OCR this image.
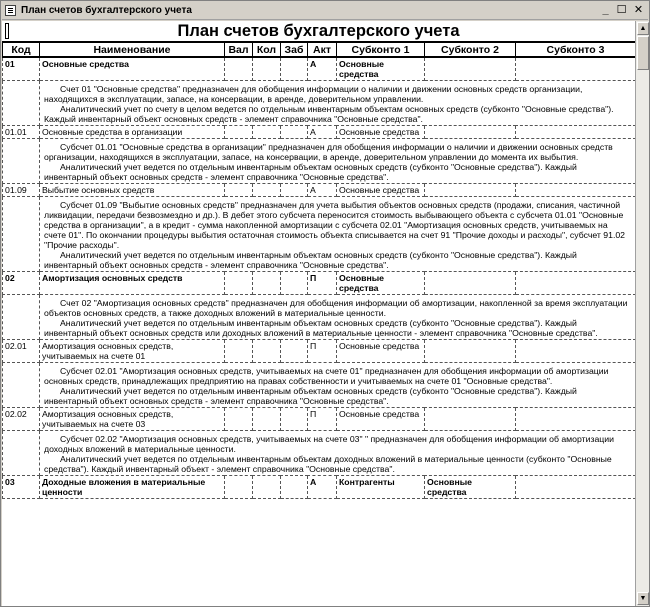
План счетов бухгалтерского учета	_ ☐ ✕
План счетов бухгалтерского учета
Код	Наименование	Вал	Кол	Заб	Акт	Субконто 1	Субконто 2	Субконто 3
01	Основные средства				А	Основные средства		

	Счет 01 "Основные средства" предназначен для обобщения информации о наличии и движении основных средств организации, находящихся в эксплуатации, запасе, на консервации, в аренде, доверительном управлении.

Аналитический учет по счету в целом ведется по отдельным инвентарным объектам основных средств (субконто "Основные средства"). Каждый инвентарный объект основных средств - элемент справочника "Основные средства".							

01.01	Основные средства в организации				А	Основные средства		

	Субсчет 01.01 "Основные средства в организации" предназначен для обобщения информации о наличии и движении основных средств организации, находящихся в эксплуатации, запасе, на консервации, в аренде, доверительном управлении до момента их выбытия.

Аналитический учет ведется по отдельным инвентарным объектам основных средств (субконто "Основные средства"). Каждый инвентарный объект основных средств - элемент справочника "Основные средства".							

01.09	Выбытие основных средств				А	Основные средства		

	Субсчет 01.09 "Выбытие основных средств" предназначен для учета выбытия объектов основных средств (продажи, списания, частичной ликвидации, передачи безвозмездно и др.). В дебет этого субсчета переносится стоимость выбывающего объекта с субсчета 01.01 "Основные средства в организации", а в кредит - сумма накопленной амортизации с субсчета 02.01 "Амортизация основных средств, учитываемых на счете 01". По окончании процедуры выбытия остаточная стоимость объекта списывается на счет 91 "Прочие доходы и расходы", субсчет 91.02 "Прочие расходы".

Аналитический учет ведется по отдельным инвентарным объектам основных средств (субконто "Основные средства"). Каждый инвентарный объект основных средств - элемент справочника "Основные средства".							

02	Амортизация основных средств				П	Основные средства		

	Счет 02 "Амортизация основных средств" предназначен для обобщения информации об амортизации, накопленной за время эксплуатации объектов основных средств, а также доходных вложений в материальные ценности.

Аналитический учет ведется по отдельным инвентарным объектам основных средств (субконто "Основные средства"). Каждый инвентарный объект основных средств или доходных вложений в материальные ценности - элемент справочника "Основные средства".							

02.01	Амортизация основных средств, учитываемых на счете 01				П	Основные средства		

	Субсчет 02.01 "Амортизация основных средств, учитываемых на счете 01" предназначен для обобщения информации об амортизации основных средств, принадлежащих предприятию на правах собственности и учитываемых на счете 01 "Основные средства".

Аналитический учет ведется по отдельным инвентарным объектам основных средств (субконто "Основные средства"). Каждый инвентарный объект основных средств - элемент справочника "Основные средства".							

02.02	Амортизация основных средств, учитываемых на счете 03				П	Основные средства		

	Субсчет 02.02 "Амортизация основных средств, учитываемых на счете 03" " предназначен для обобщения информации об амортизации доходных вложений в материальные ценности.

Аналитический учет ведется по отдельным инвентарным объектам доходных вложений в материальные ценности (субконто "Основные средства"). Каждый инвентарный объект - элемент справочника "Основные средства".							

03	Доходные вложения в материальные ценности				А	Контрагенты	Основные средства	
▲
▼
